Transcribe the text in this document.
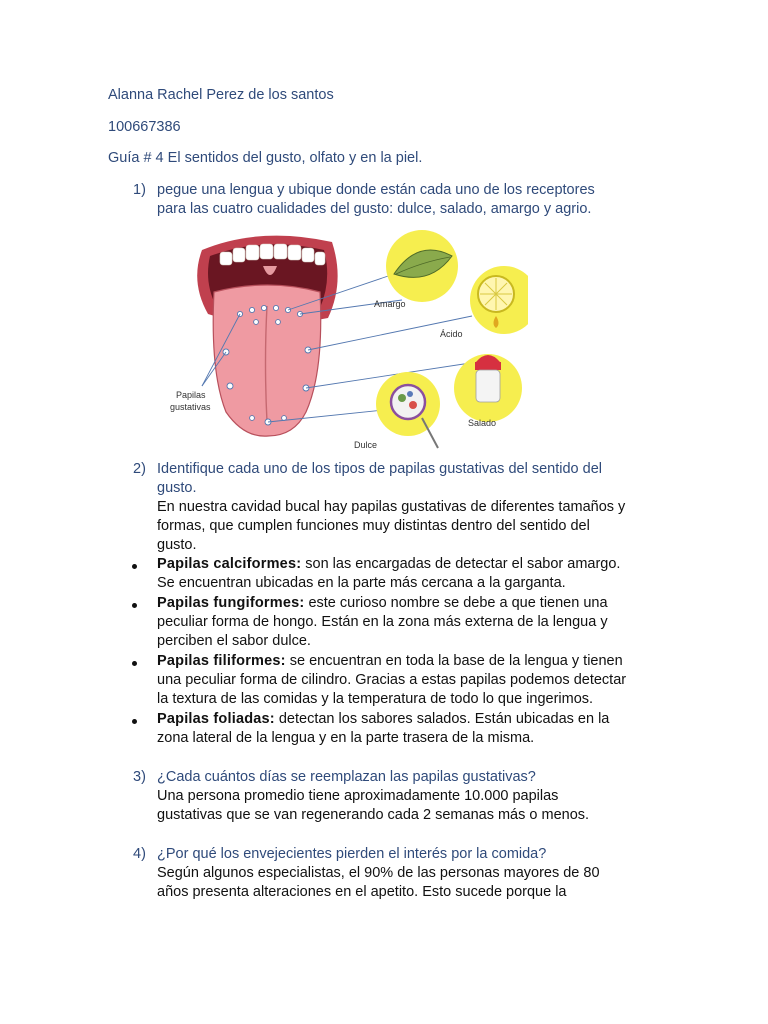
Alanna Rachel Perez de los santos
100667386
Guía # 4 El sentidos del gusto, olfato y en la piel.
1) pegue una lengua y ubique donde están cada uno de los receptores
para las cuatro cualidades del gusto: dulce, salado, amargo y agrio.
Amargo
Ácido
Salado
Dulce
Papilas
gustativas
2) Identifique cada uno de los tipos de papilas gustativas del sentido del
gusto.
En nuestra cavidad bucal hay papilas gustativas de diferentes tamaños y
formas, que cumplen funciones muy distintas dentro del sentido del
gusto.
Papilas calciformes: son las encargadas de detectar el sabor amargo.
Se encuentran ubicadas en la parte más cercana a la garganta.
Papilas fungiformes: este curioso nombre se debe a que tienen una
peculiar forma de hongo. Están en la zona más externa de la lengua y
perciben el sabor dulce.
Papilas filiformes: se encuentran en toda la base de la lengua y tienen
una peculiar forma de cilindro. Gracias a estas papilas podemos detectar
la textura de las comidas y la temperatura de todo lo que ingerimos.
Papilas foliadas: detectan los sabores salados. Están ubicadas en la
zona lateral de la lengua y en la parte trasera de la misma.
3) ¿Cada cuántos días se reemplazan las papilas gustativas?
Una persona promedio tiene aproximadamente 10.000 papilas
gustativas que se van regenerando cada 2 semanas más o menos.
4) ¿Por qué los envejecientes pierden el interés por la comida?
Según algunos especialistas, el 90% de las personas mayores de 80
años presenta alteraciones en el apetito. Esto sucede porque la
